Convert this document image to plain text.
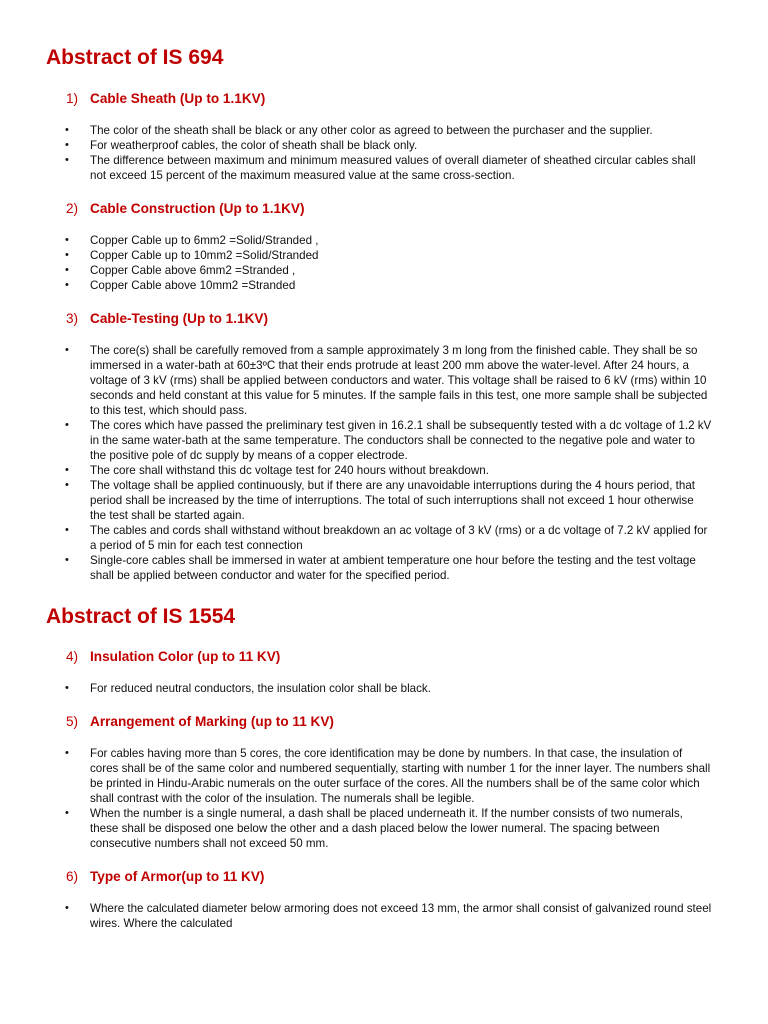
Abstract of IS 694
1) Cable Sheath (Up to 1.1KV)
• The color of the sheath shall be black or any other color as agreed to between the purchaser and the supplier.
• For weatherproof cables, the color of sheath shall be black only.
• The difference between maximum and minimum measured values of overall diameter of sheathed circular cables shall not exceed 15 percent of the maximum measured value at the same cross-section.
2) Cable Construction (Up to 1.1KV)
• Copper Cable up to 6mm2 =Solid/Stranded ,
• Copper Cable up to 10mm2 =Solid/Stranded
• Copper Cable above 6mm2 =Stranded ,
• Copper Cable above 10mm2 =Stranded
3) Cable-Testing (Up to 1.1KV)
• The core(s) shall be carefully removed from a sample approximately 3 m long from the finished cable. They shall be so immersed in a water-bath at 60±3ºC that their ends protrude at least 200 mm above the water-level. After 24 hours, a voltage of 3 kV (rms) shall be applied between conductors and water. This voltage shall be raised to 6 kV (rms) within 10 seconds and held constant at this value for 5 minutes. If the sample fails in this test, one more sample shall be subjected to this test, which should pass.
• The cores which have passed the preliminary test given in 16.2.1 shall be subsequently tested with a dc voltage of 1.2 kV in the same water-bath at the same temperature. The conductors shall be connected to the negative pole and water to the positive pole of dc supply by means of a copper electrode.
• The core shall withstand this dc voltage test for 240 hours without breakdown.
• The voltage shall be applied continuously, but if there are any unavoidable interruptions during the 4 hours period, that period shall be increased by the time of interruptions. The total of such interruptions shall not exceed 1 hour otherwise the test shall be started again.
• The cables and cords shall withstand without breakdown an ac voltage of 3 kV (rms) or a dc voltage of 7.2 kV applied for a period of 5 min for each test connection
• Single-core cables shall be immersed in water at ambient temperature one hour before the testing and the test voltage shall be applied between conductor and water for the specified period.
Abstract of IS 1554
4) Insulation Color (up to 11 KV)
• For reduced neutral conductors, the insulation color shall be black.
5) Arrangement of Marking (up to 11 KV)
• For cables having more than 5 cores, the core identification may be done by numbers. In that case, the insulation of cores shall be of the same color and numbered sequentially, starting with number 1 for the inner layer. The numbers shall be printed in Hindu-Arabic numerals on the outer surface of the cores. All the numbers shall be of the same color which shall contrast with the color of the insulation. The numerals shall be legible.
• When the number is a single numeral, a dash shall be placed underneath it. If the number consists of two numerals, these shall be disposed one below the other and a dash placed below the lower numeral. The spacing between consecutive numbers shall not exceed 50 mm.
6) Type of Armor(up to 11 KV)
• Where the calculated diameter below armoring does not exceed 13 mm, the armor shall consist of galvanized round steel wires. Where the calculated
